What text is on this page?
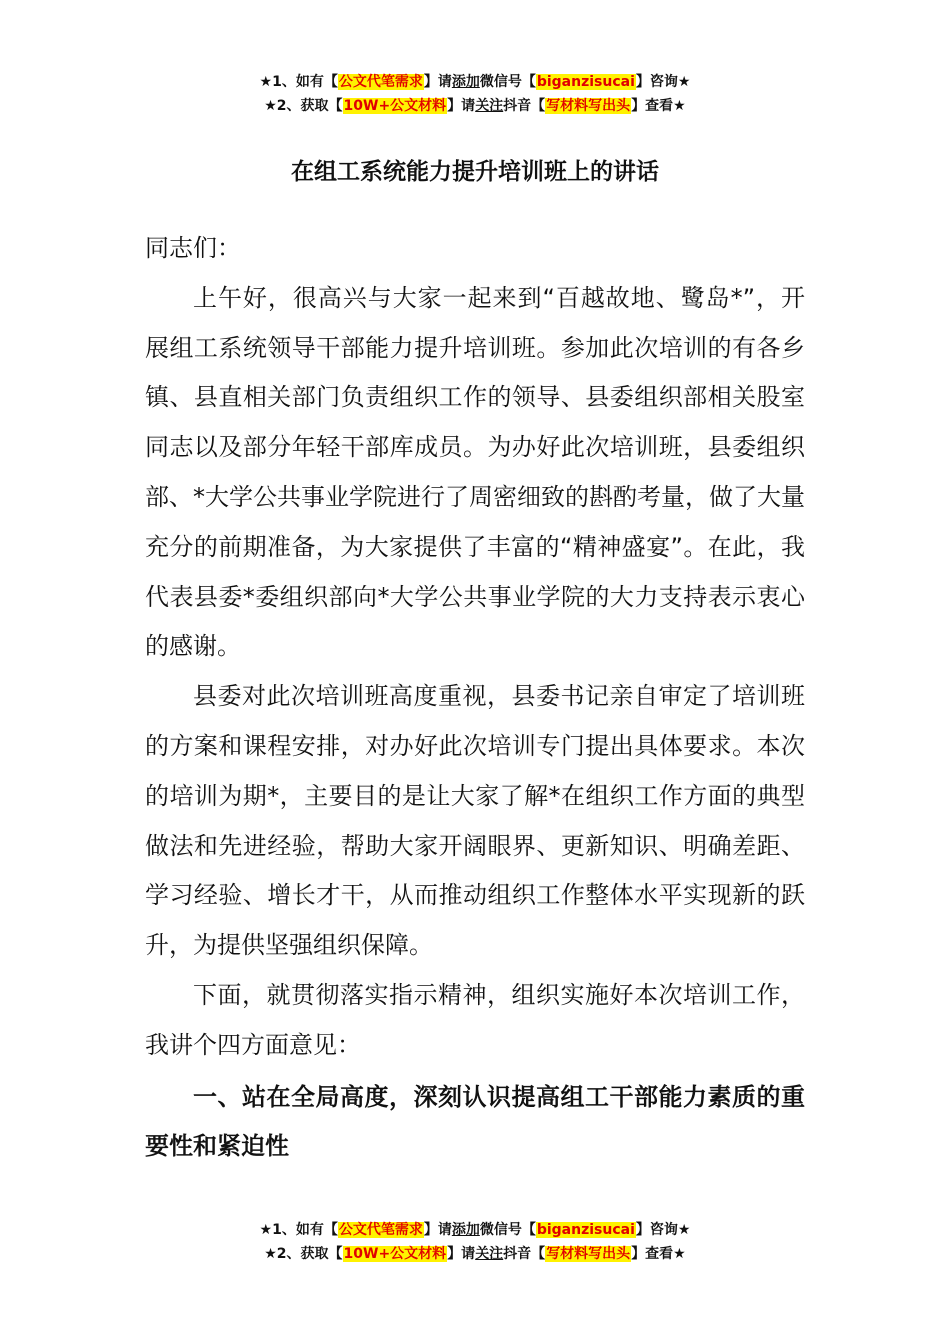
★1、如有【公文代笔需求】请添加微信号【biganzisucai】咨询★
★2、获取【10W+公文材料】请关注抖音【写材料写出头】查看★
在组工系统能力提升培训班上的讲话

同志们：

上午好，很高兴与大家一起来到“百越故地、鹭岛*”，开展组工系统领导干部能力提升培训班。参加此次培训的有各乡镇、县直相关部门负责组织工作的领导、县委组织部相关股室同志以及部分年轻干部库成员。为办好此次培训班，县委组织部、*大学公共事业学院进行了周密细致的斟酌考量，做了大量充分的前期准备，为大家提供了丰富的“精神盛宴”。在此，我代表县委*委组织部向*大学公共事业学院的大力支持表示衷心的感谢。

县委对此次培训班高度重视，县委书记亲自审定了培训班的方案和课程安排，对办好此次培训专门提出具体要求。本次的培训为期*，主要目的是让大家了解*在组织工作方面的典型做法和先进经验，帮助大家开阔眼界、更新知识、明确差距、学习经验、增长才干，从而推动组织工作整体水平实现新的跃升，为提供坚强组织保障。

下面，就贯彻落实指示精神，组织实施好本次培训工作，我讲个四方面意见：

一、站在全局高度，深刻认识提高组工干部能力素质的重要性和紧迫性

★1、如有【公文代笔需求】请添加微信号【biganzisucai】咨询★
★2、获取【10W+公文材料】请关注抖音【写材料写出头】查看★
